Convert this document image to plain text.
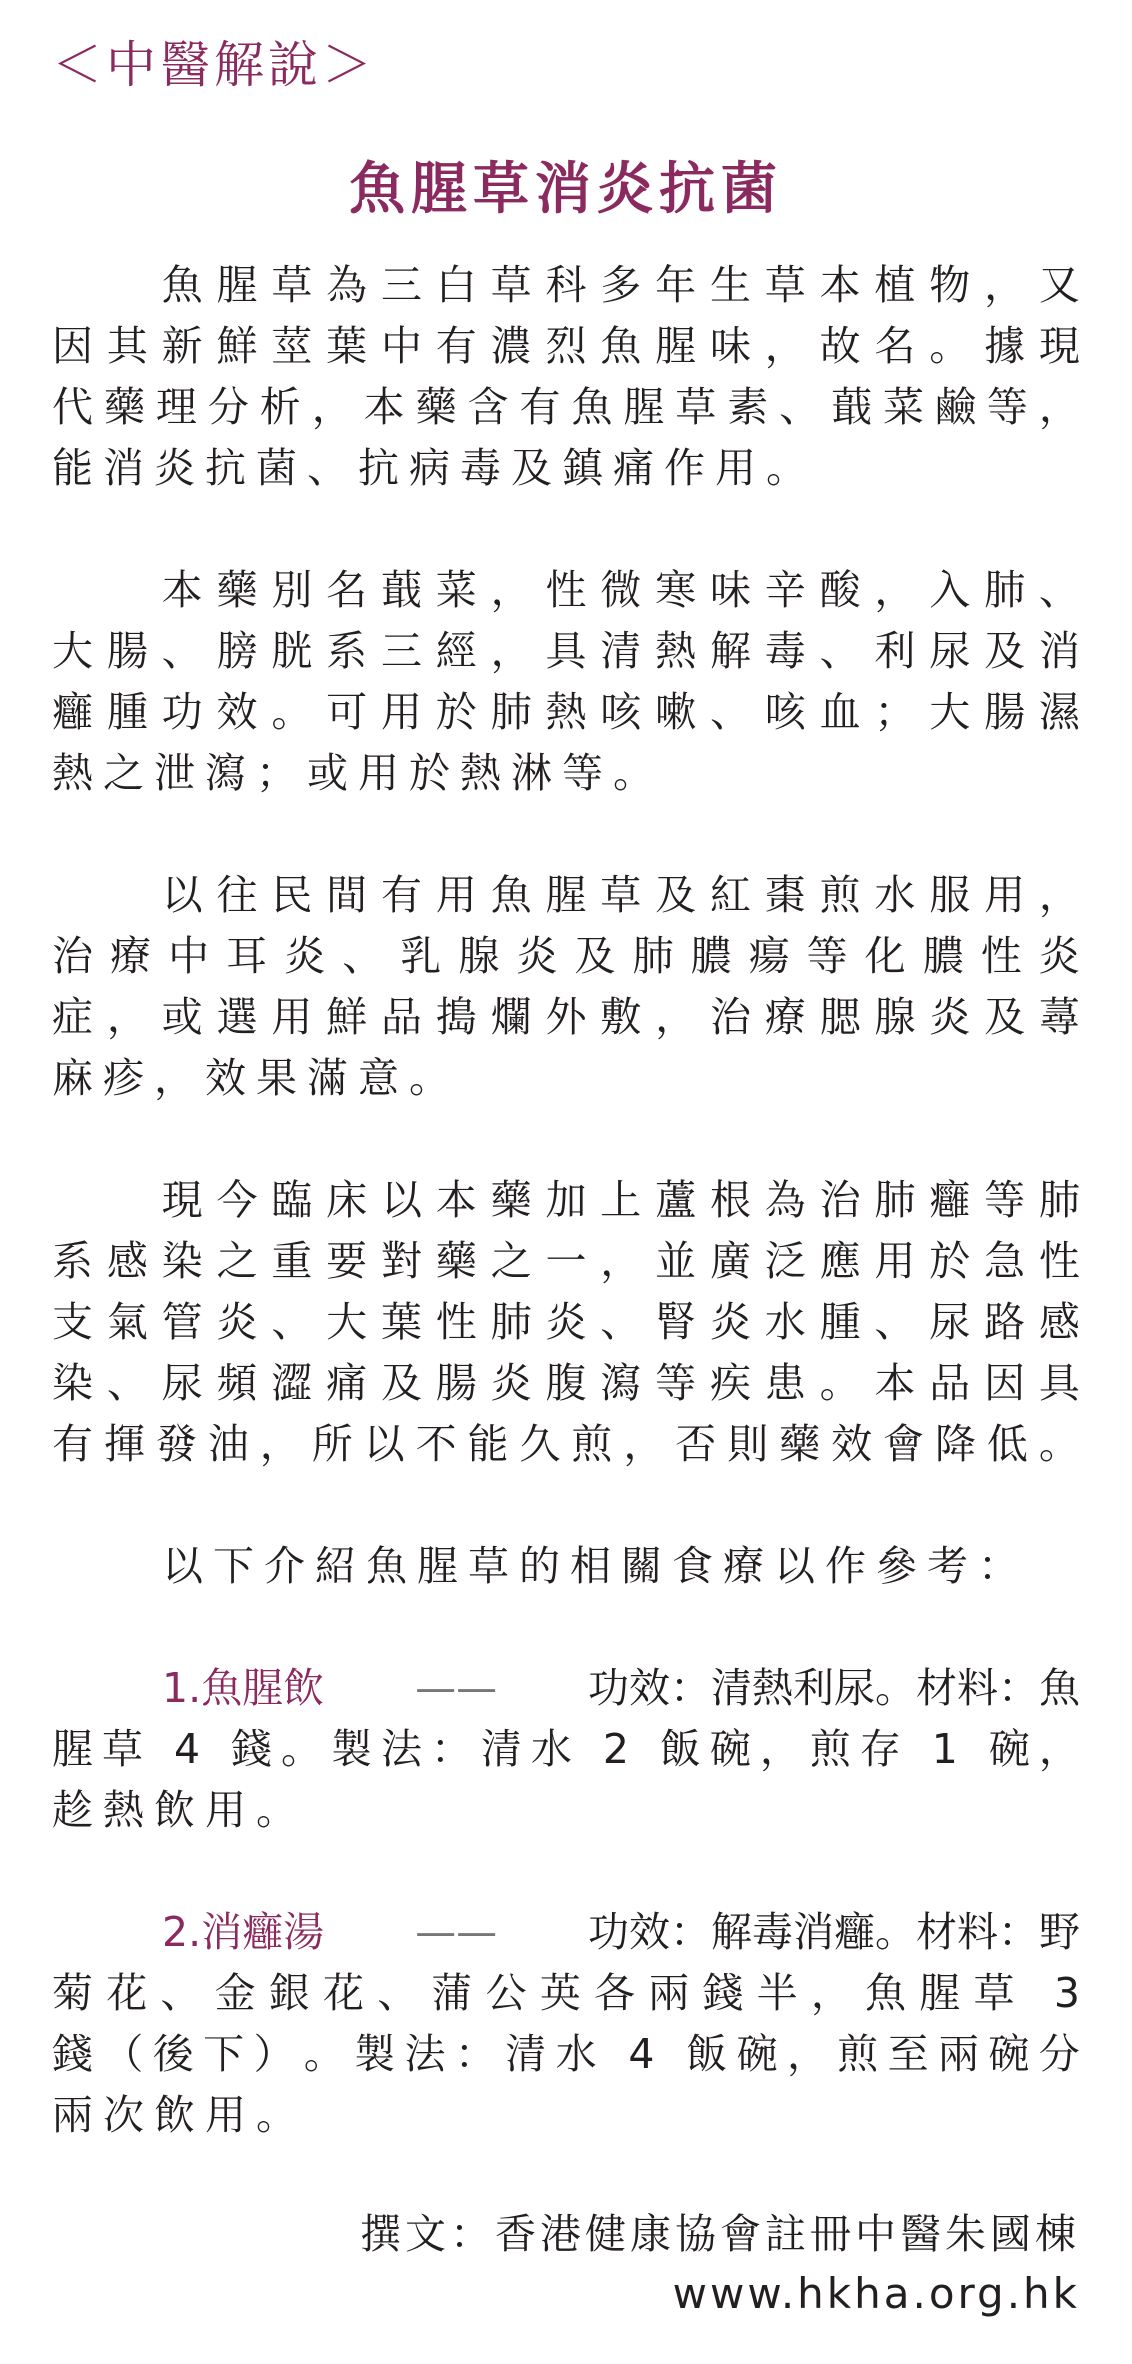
＜中醫解說＞
魚腥草消炎抗菌

魚 腥 草 為 三 白 草 科 多 年 生 草 本 植 物 ， 又
因 其 新 鮮 莖 葉 中 有 濃 烈 魚 腥 味 ， 故 名 。 據 現
代 藥 理 分 析 ， 本 藥 含 有 魚 腥 草 素 、 蕺 菜 鹼 等 ，
能消炎抗菌、抗病毒及鎮痛作用。

本 藥 別 名 蕺 菜 ， 性 微 寒 味 辛 酸 ， 入 肺 、
大 腸 、 膀 胱 系 三 經 ， 具 清 熱 解 毒 、 利 尿 及 消
癰 腫 功 效 。 可 用 於 肺 熱 咳 嗽 、 咳 血 ； 大 腸 濕
熱之泄瀉；或用於熱淋等。

以 往 民 間 有 用 魚 腥 草 及 紅 棗 煎 水 服 用 ，
治 療 中 耳 炎 、 乳 腺 炎 及 肺 膿 瘍 等 化 膿 性 炎
症 ， 或 選 用 鮮 品 搗 爛 外 敷 ， 治 療 腮 腺 炎 及 蕁
麻疹，效果滿意。

現 今 臨 床 以 本 藥 加 上 蘆 根 為 治 肺 癰 等 肺
系 感 染 之 重 要 對 藥 之 一 ， 並 廣 泛 應 用 於 急 性
支 氣 管 炎 、 大 葉 性 肺 炎 、 腎 炎 水 腫 、 尿 路 感
染 、 尿 頻 澀 痛 及 腸 炎 腹 瀉 等 疾 患 。 本 品 因 具
有 揮 發 油 ， 所 以 不 能 久 煎 ， 否 則 藥 效 會 降 低 。
以下介紹魚腥草的相關食療以作參考：
1.魚腥飲 —— 功效：清熱利尿。材料：魚
腥 草
4
錢 。 製 法 ： 清 水
2
飯 碗 ， 煎 存
1
碗 ，
趁熱飲用。
2.消癰湯 —— 功效：解毒消癰。材料：野
菊 花 、 金 銀 花 、 蒲 公 英 各 兩 錢 半 ， 魚 腥 草
3
錢 （ 後 下 ） 。 製 法 ： 清 水
4
飯 碗 ， 煎 至 兩 碗 分
兩次飲用。
撰文：香港健康協會註冊中醫朱國棟
www.hkha.org.hk
